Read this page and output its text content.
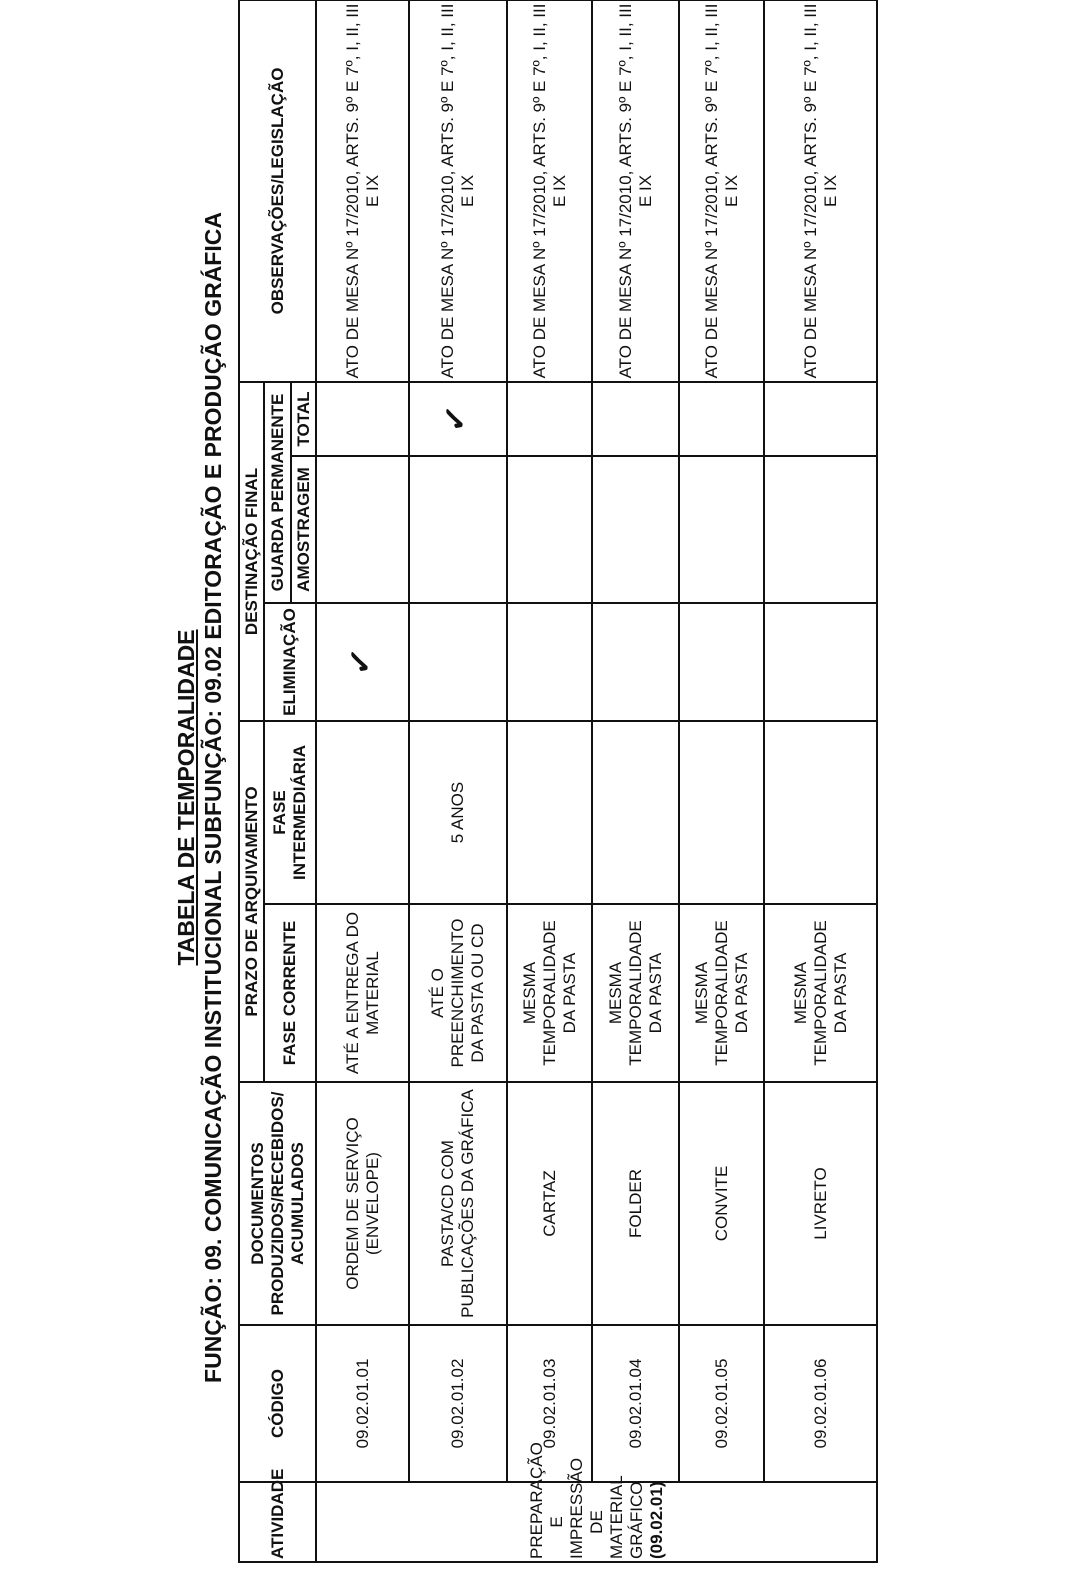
TABELA DE TEMPORALIDADE FUNÇÃO: 09. COMUNICAÇÃO INSTITUCIONAL SUBFUNÇÃO: 09.02 EDITORAÇÃO E PRODUÇÃO GRÁFICA
ATIVIDADE	CÓDIGO	DOCUMENTOS PRODUZIDOS/RECEBIDOS/ ACUMULADOS	PRAZO DE ARQUIVAMENTO		DESTINAÇÃO FINAL			OBSERVAÇÕES/LEGISLAÇÃO
			FASE CORRENTE	FASE INTERMEDIÁRIA	ELIMINAÇÃO	GUARDA PERMANENTE		
						AMOSTRAGEM	TOTAL	
PREPARAÇÃO E IMPRESSÃO DE MATERIAL GRÁFICO (09.02.01)	09.02.01.01	ORDEM DE SERVIÇO (ENVELOPE)	ATÉ A ENTREGA DO MATERIAL		✓			ATO DE MESA Nº 17/2010, ARTS. 9º E 7º, I, II, III E IX
	09.02.01.02	PASTA/CD COM PUBLICAÇÕES DA GRÁFICA	ATÉ O PREENCHIMENTO DA PASTA OU CD	5 ANOS			✓	ATO DE MESA Nº 17/2010, ARTS. 9º E 7º, I, II, III E IX
	09.02.01.03	CARTAZ	MESMA TEMPORALIDADE DA PASTA					ATO DE MESA Nº 17/2010, ARTS. 9º E 7º, I, II, III E IX
	09.02.01.04	FOLDER	MESMA TEMPORALIDADE DA PASTA					ATO DE MESA Nº 17/2010, ARTS. 9º E 7º, I, II, III E IX
	09.02.01.05	CONVITE	MESMA TEMPORALIDADE DA PASTA					ATO DE MESA Nº 17/2010, ARTS. 9º E 7º, I, II, III E IX
	09.02.01.06	LIVRETO	MESMA TEMPORALIDADE DA PASTA					ATO DE MESA Nº 17/2010, ARTS. 9º E 7º, I, II, III E IX
